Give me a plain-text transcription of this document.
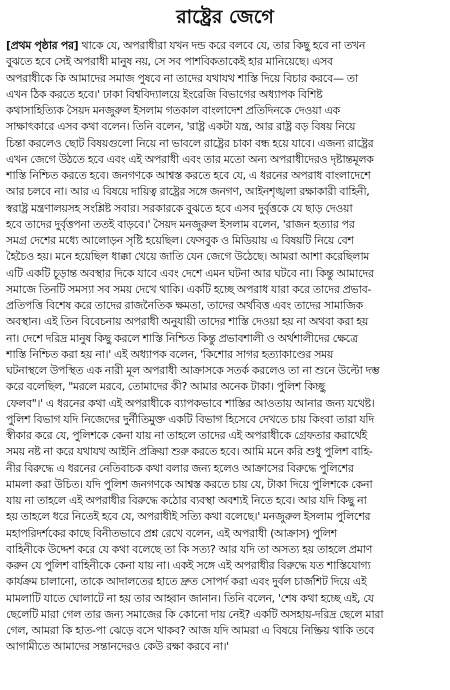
রাষ্ট্রের জেগে
[প্রথম পৃষ্ঠার পর] থাকে যে, অপরাধীরা যখন দন্ড করে বলবে যে, তার কিছু হবে না তখন
বুঝতে হবে সেই অপরাধী মানুষ নয়, সে সব পাশবিকতাকেই হার মানিয়েছে। এসব
অপরাধীকে কি আমাদের সমাজ পুষবে না তাদের যথাযথ শাস্তি দিয়ে বিচার করবে— তা
এখন ঠিক করতে হবে।' ঢাকা বিশ্ববিদ্যালয়ে ইংরেজি বিভাগের অধ্যাপক বিশিষ্ট
কথাসাহিত্যিক সৈয়দ মনজুরুল ইসলাম গতকাল বাংলাদেশ প্রতিদিনকে দেওয়া এক
সাক্ষাৎকারে এসব কথা বলেন। তিনি বলেন, 'রাষ্ট্র একটা যন্ত্র, আর রাষ্ট্র বড় বিষয় নিয়ে
চিন্তা করলেও ছোট বিষয়গুলো নিয়ে না ভাবলে রাষ্ট্রের চাকা বন্ধ হয়ে যাবে। এজন্য রাষ্ট্রের
এখন জেগে উঠতে হবে এবং এই অপরাধী এবং তার মতো অন্য অপরাধীদেরও দৃষ্টান্তমূলক
শাস্তি নিশ্চিত করতে হবে। জনগণকে আশ্বস্ত করতে হবে যে, এ ধরনের অপরাধ বাংলাদেশে
আর চলবে না। আর এ বিষয়ে দায়িত্ব রাষ্ট্রের সঙ্গে জনগণ, আইনশৃঙ্খলা রক্ষাকারী বাহিনী,
স্বরাষ্ট্র মন্ত্রণালয়সহ সংশ্লিষ্ট সবার। সরকারকে বুঝতে হবে এসব দুর্বৃত্তকে যে ছাড় দেওয়া
হবে তাদের দুর্বৃত্তপনা ততই বাড়বে।' সৈয়দ মনজুরুল ইসলাম বলেন, 'রাজন হত্যার পর
সমগ্র দেশের মধ্যে আলোড়ন সৃষ্টি হয়েছিল। ফেসবুক ও মিডিয়ায় এ বিষয়টি নিয়ে বেশ
হৈচৈও হয়। মনে হয়েছিল ধাক্কা খেয়ে জাতি যেন জেগে উঠেছে। আমরা আশা করেছিলাম
এটি একটি চূড়ান্ত অবস্থার দিকে যাবে এবং দেশে এমন ঘটনা আর ঘটবে না। কিন্তু আমাদের
সমাজে তিনটি সমস্যা সব সময় দেখে থাকি। একটি হচ্ছে অপরাধ যারা করে তাদের প্রভাব-
প্রতিপত্তি বিশেষ করে তাদের রাজনৈতিক ক্ষমতা, তাদের অর্থবিত্ত এবং তাদের সামাজিক
অবস্থান। এই তিন বিবেচনায় অপরাধী অনুযায়ী তাদের শাস্তি দেওয়া হয় না অথবা করা হয়
না। দেশে দরিদ্র মানুষ কিছু করলে শাস্তি নিশ্চিত কিন্তু প্রভাবশালী ও অর্থশালীদের ক্ষেত্রে
শাস্তি নিশ্চিত করা হয় না।' এই অধ্যাপক বলেন, 'কিশোর সাগর হত্যাকাণ্ডের সময়
ঘটনাস্থলে উপস্থিত এক নারী মূল অপরাধী আক্রাসকে সতর্ক করলেও তা না শুনে উল্টো দম্ভ
করে বলেছিল, "মরলে মরবে, তোমাদের কী? আমার অনেক টাকা। পুলিশ কিচ্ছু
ফেলব"।' এ ধরনের কথা এই অপরাধীকে ব্যাপকভাবে শাস্তির আওতায় আনার জন্য যথেষ্ট।
পুলিশ বিভাগ যদি নিজেদের দুর্নীতিমুক্ত একটি বিভাগ হিসেবে দেখতে চায় কিংবা তারা যদি
স্বীকার করে যে, পুলিশকে কেনা যায় না তাহলে তাদের এই অপরাধীকে গ্রেফতার করার্থেই
সময় নষ্ট না করে যথাযথ আইনি প্রক্রিয়া শুরু করতে হবে। আমি মনে করি শুধু পুলিশ বাহি-
নীর বিরুদ্ধে এ ধরনের নেতিবাচক কথা বলার জন্য হলেও আক্রাসের বিরুদ্ধে পুলিশের
মামলা করা উচিত। যদি পুলিশ জনগণকে আশ্বস্ত করতে চায় যে, টাকা দিয়ে পুলিশকে কেনা
যায় না তাহলে এই অপরাধীর বিরুদ্ধে কঠোর ব্যবস্থা অবশ্যই নিতে হবে। আর যদি কিছু না
হয় তাহলে ধরে নিতেই হবে যে, অপরাধীই সত্যি কথা বলেছে।' মনজুরুল ইসলাম পুলিশের
মহাপরিদর্শকের কাছে বিনীতভাবে প্রশ্ন রেখে বলেন, এই অপরাধী (আক্রাস) পুলিশ
বাহিনীকে উদ্দেশ করে যে কথা বলেছে তা কি সত্য? আর যদি তা অসত্য হয় তাহলে প্রমাণ
করুন যে পুলিশ বাহিনীকে কেনা যায় না। একই সঙ্গে এই অপরাধীর বিরুদ্ধে যত শাস্তিযোগ্য
কার্যক্রম চালানো, তাকে আদালতের হাতে দ্রুত সোপর্দ করা এবং দুর্বল চার্জশিট দিয়ে এই
মামলাটি যাতে ঘোলাটে না হয় তার আহ্বান জানান। তিনি বলেন, 'শেষ কথা হচ্ছে এই, যে
ছেলেটি মারা গেল তার জন্য সমাজের কি কোনো দায় নেই? একটি অসহায়-দরিদ্র ছেলে মারা
গেল, আমরা কি হাত-পা ঝেড়ে বসে থাকব? আজ যদি আমরা এ বিষয়ে নিষ্ক্রিয় থাকি তবে
আগামীতে আমাদের সন্তানদেরও কেউ রক্ষা করবে না।'
